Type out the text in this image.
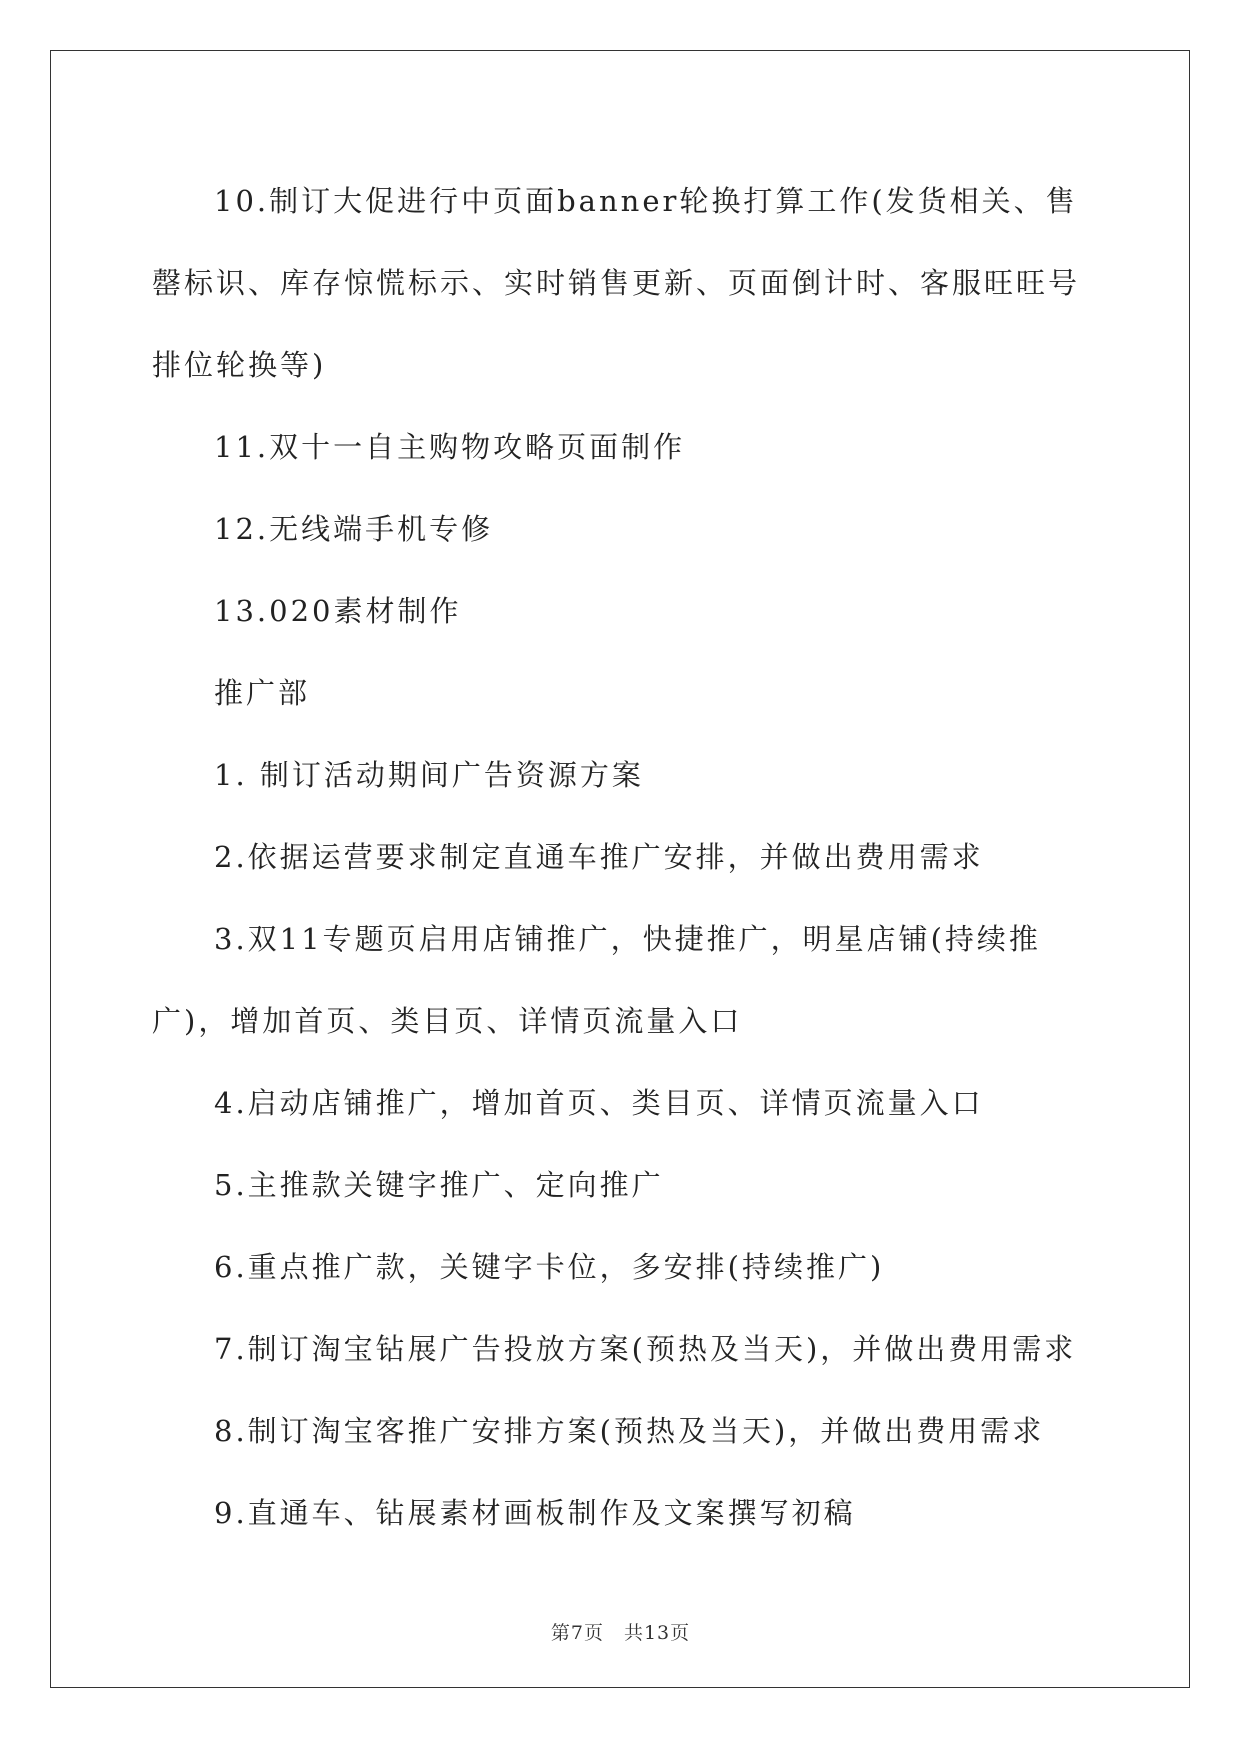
10.制订大促进行中页面banner轮换打算工作(发货相关、售罄标识、库存惊慌标示、实时销售更新、页面倒计时、客服旺旺号排位轮换等)

11.双十一自主购物攻略页面制作

12.无线端手机专修

13.020素材制作

推广部

1. 制订活动期间广告资源方案

2.依据运营要求制定直通车推广安排，并做出费用需求

3.双11专题页启用店铺推广，快捷推广，明星店铺(持续推广)，增加首页、类目页、详情页流量入口

4.启动店铺推广，增加首页、类目页、详情页流量入口

5.主推款关键字推广、定向推广

6.重点推广款，关键字卡位，多安排(持续推广)

7.制订淘宝钻展广告投放方案(预热及当天)，并做出费用需求

8.制订淘宝客推广安排方案(预热及当天)，并做出费用需求

9.直通车、钻展素材画板制作及文案撰写初稿

第7页　共13页
